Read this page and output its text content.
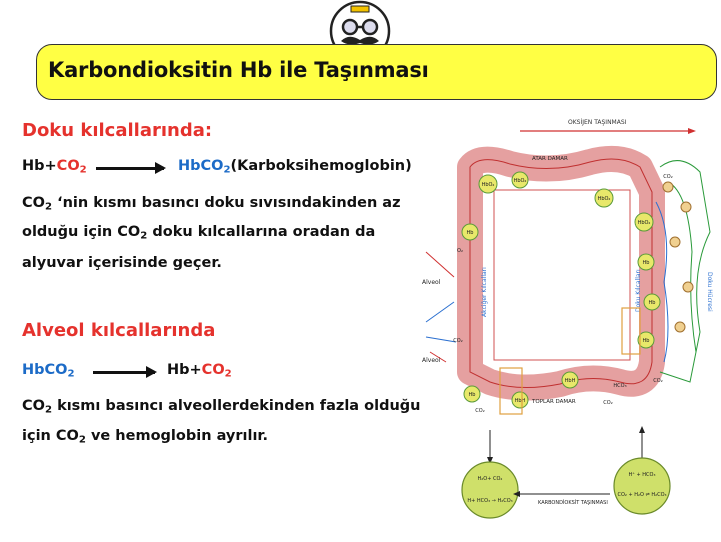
Karbondioksitin Hb ile Taşınması
Doku kılcallarında:
$Hb+CO_2$	HbCO$_2$(Karboksihemoglobin)
$CO_2$ ‘nin kısmı basıncı doku sıvısındakinden az
olduğu için $CO_2$ doku kılcallarına oradan da
alyuvar içerisinde geçer.
Alveol kılcallarında
HbCO$_2$	$Hb+CO_2$
$CO_2$ kısmı basıncı alveollerdekinden fazla olduğu
için $CO_2$ ve hemoglobin ayrılır.
OKSİJEN TAŞINMASI
ATAR DAMAR
TOPLAR DAMAR
Akciğer Kılcalları	Doku Kılcalları	Doku Hücresi
Alveol
Alveol
HbO₂
HbO₂
HbO₂
HbO₂
Hb
Hb
Hb
Hb
Hb
HbH
HbH
CO₂
CO₂
O₂
CO₂
CO₂
CO₂
HCO₃
KARBONDİOKSİT TAŞINMASI
H₂O+ CO₂
H+ HCO₃ → H₂CO₃
H⁺ + HCO₃
CO₂ + H₂O ⇌ H₂CO₃
